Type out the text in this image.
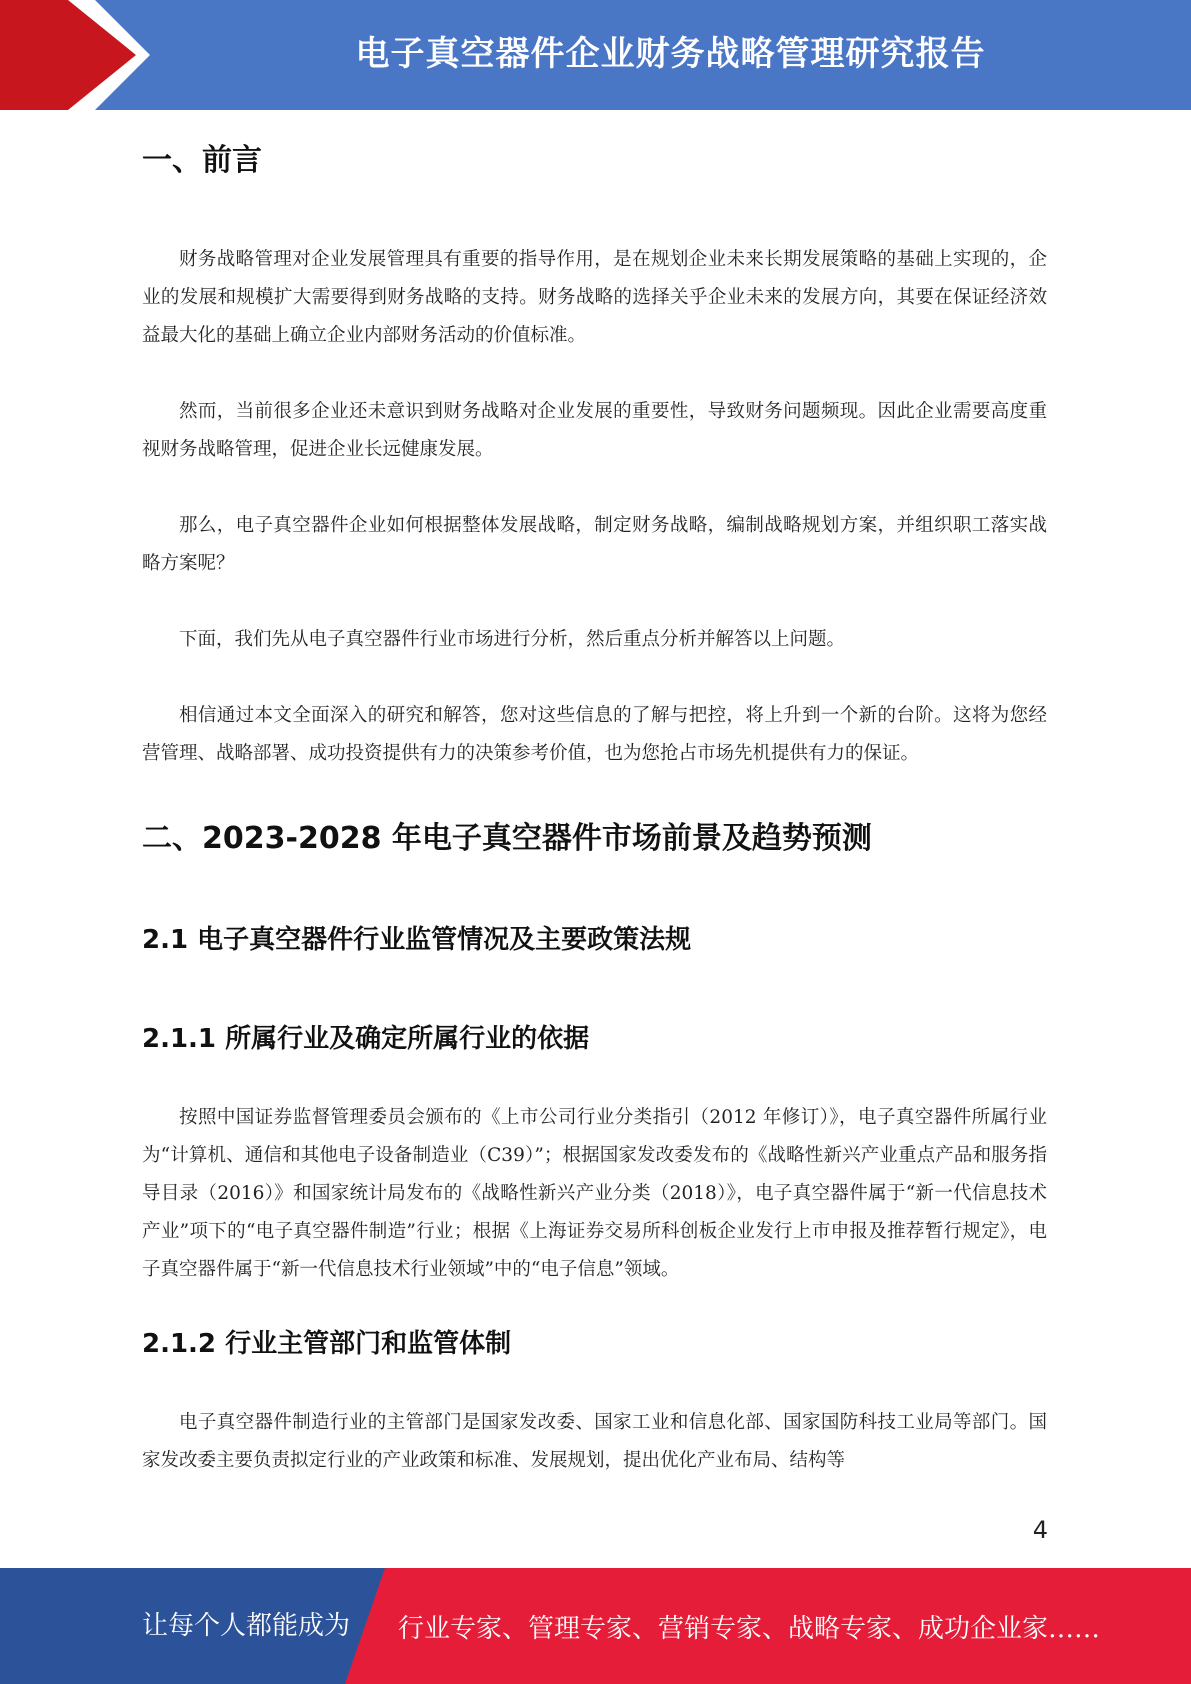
电子真空器件企业财务战略管理研究报告
一、前言

财务战略管理对企业发展管理具有重要的指导作用，是在规划企业未来长期发展策略的基础上实现的，企业的发展和规模扩大需要得到财务战略的支持。财务战略的选择关乎企业未来的发展方向，其要在保证经济效益最大化的基础上确立企业内部财务活动的价值标准。

然而，当前很多企业还未意识到财务战略对企业发展的重要性，导致财务问题频现。因此企业需要高度重视财务战略管理，促进企业长远健康发展。

那么，电子真空器件企业如何根据整体发展战略，制定财务战略，编制战略规划方案，并组织职工落实战略方案呢？

下面，我们先从电子真空器件行业市场进行分析，然后重点分析并解答以上问题。

相信通过本文全面深入的研究和解答，您对这些信息的了解与把控，将上升到一个新的台阶。这将为您经营管理、战略部署、成功投资提供有力的决策参考价值，也为您抢占市场先机提供有力的保证。

二、2023-2028 年电子真空器件市场前景及趋势预测
2.1 电子真空器件行业监管情况及主要政策法规
2.1.1 所属行业及确定所属行业的依据

按照中国证券监督管理委员会颁布的《上市公司行业分类指引（2012 年修订）》，电子真空器件所属行业为“计算机、通信和其他电子设备制造业（C39）”；根据国家发改委发布的《战略性新兴产业重点产品和服务指导目录（2016）》和国家统计局发布的《战略性新兴产业分类（2018）》，电子真空器件属于“新一代信息技术产业”项下的“电子真空器件制造”行业；根据《上海证券交易所科创板企业发行上市申报及推荐暂行规定》，电子真空器件属于“新一代信息技术行业领域”中的“电子信息”领域。

2.1.2 行业主管部门和监管体制

电子真空器件制造行业的主管部门是国家发改委、国家工业和信息化部、国家国防科技工业局等部门。国家发改委主要负责拟定行业的产业政策和标准、发展规划，提出优化产业布局、结构等

4
让每个人都能成为 行业专家、管理专家、营销专家、战略专家、成功企业家……
